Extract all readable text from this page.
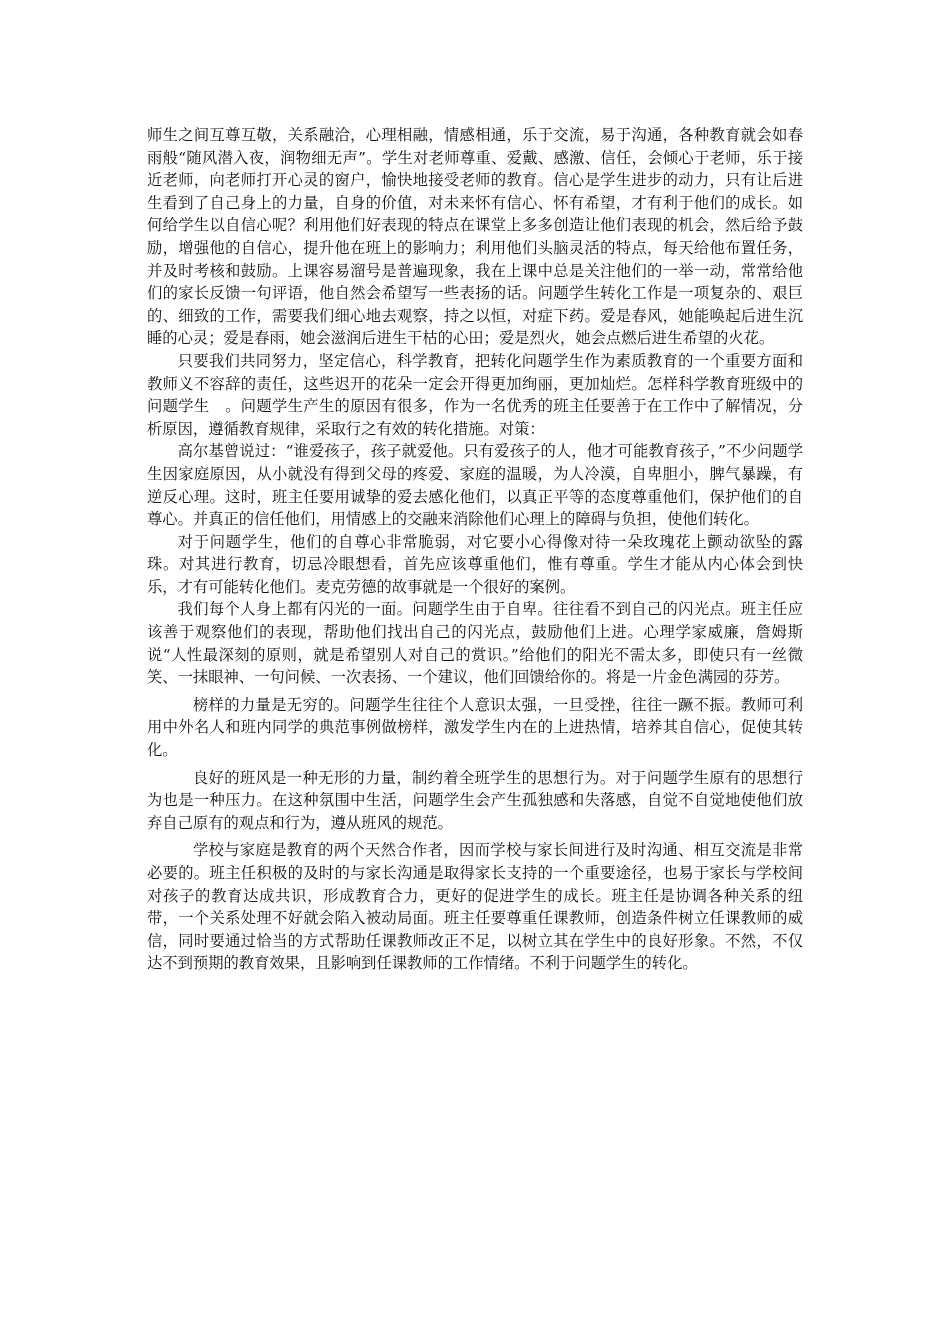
师生之间互尊互敬，关系融洽，心理相融，情感相通，乐于交流，易于沟通，各种教育就会如春雨般“随风潜入夜，润物细无声”。学生对老师尊重、爱戴、感激、信任，会倾心于老师，乐于接近老师，向老师打开心灵的窗户，愉快地接受老师的教育。信心是学生进步的动力，只有让后进生看到了自己身上的力量，自身的价值，对未来怀有信心、怀有希望，才有利于他们的成长。如何给学生以自信心呢？利用他们好表现的特点在课堂上多多创造让他们表现的机会，然后给予鼓励，增强他的自信心，提升他在班上的影响力；利用他们头脑灵活的特点，每天给他布置任务，并及时考核和鼓励。上课容易溜号是普遍现象，我在上课中总是关注他们的一举一动，常常给他们的家长反馈一句评语，他自然会希望写一些表扬的话。问题学生转化工作是一项复杂的、艰巨的、细致的工作，需要我们细心地去观察，持之以恒，对症下药。爱是春风，她能唤起后进生沉睡的心灵；爱是春雨，她会滋润后进生干枯的心田；爱是烈火，她会点燃后进生希望的火花。

只要我们共同努力，坚定信心，科学教育，把转化问题学生作为素质教育的一个重要方面和教师义不容辞的责任，这些迟开的花朵一定会开得更加绚丽，更加灿烂。怎样科学教育班级中的问题学生　。问题学生产生的原因有很多，作为一名优秀的班主任要善于在工作中了解情况，分析原因，遵循教育规律，采取行之有效的转化措施。对策：

高尔基曾说过：“谁爱孩子，孩子就爱他。只有爱孩子的人，他才可能教育孩子，”不少问题学生因家庭原因，从小就没有得到父母的疼爱、家庭的温暖，为人冷漠，自卑胆小，脾气暴躁，有逆反心理。这时，班主任要用诚挚的爱去感化他们，以真正平等的态度尊重他们，保护他们的自尊心。并真正的信任他们，用情感上的交融来消除他们心理上的障碍与负担，使他们转化。

对于问题学生，他们的自尊心非常脆弱，对它要小心得像对待一朵玫瑰花上颤动欲坠的露珠。对其进行教育，切忌冷眼想看，首先应该尊重他们，惟有尊重。学生才能从内心体会到快乐，才有可能转化他们。麦克劳德的故事就是一个很好的案例。

我们每个人身上都有闪光的一面。问题学生由于自卑。往往看不到自己的闪光点。班主任应该善于观察他们的表现，帮助他们找出自己的闪光点，鼓励他们上进。心理学家威廉，詹姆斯说“人性最深刻的原则，就是希望别人对自己的赏识。”给他们的阳光不需太多，即使只有一丝微笑、一抹眼神、一句问候、一次表扬、一个建议，他们回馈给你的。将是一片金色满园的芬芳。

榜样的力量是无穷的。问题学生往往个人意识太强，一旦受挫，往往一蹶不振。教师可利用中外名人和班内同学的典范事例做榜样，激发学生内在的上进热情，培养其自信心，促使其转化。

良好的班风是一种无形的力量，制约着全班学生的思想行为。对于问题学生原有的思想行为也是一种压力。在这种氛围中生活，问题学生会产生孤独感和失落感，自觉不自觉地使他们放弃自己原有的观点和行为，遵从班风的规范。

学校与家庭是教育的两个天然合作者，因而学校与家长间进行及时沟通、相互交流是非常必要的。班主任积极的及时的与家长沟通是取得家长支持的一个重要途径，也易于家长与学校间对孩子的教育达成共识，形成教育合力，更好的促进学生的成长。班主任是协调各种关系的纽带，一个关系处理不好就会陷入被动局面。班主任要尊重任课教师，创造条件树立任课教师的威信，同时要通过恰当的方式帮助任课教师改正不足，以树立其在学生中的良好形象。不然，不仅达不到预期的教育效果，且影响到任课教师的工作情绪。不利于问题学生的转化。
